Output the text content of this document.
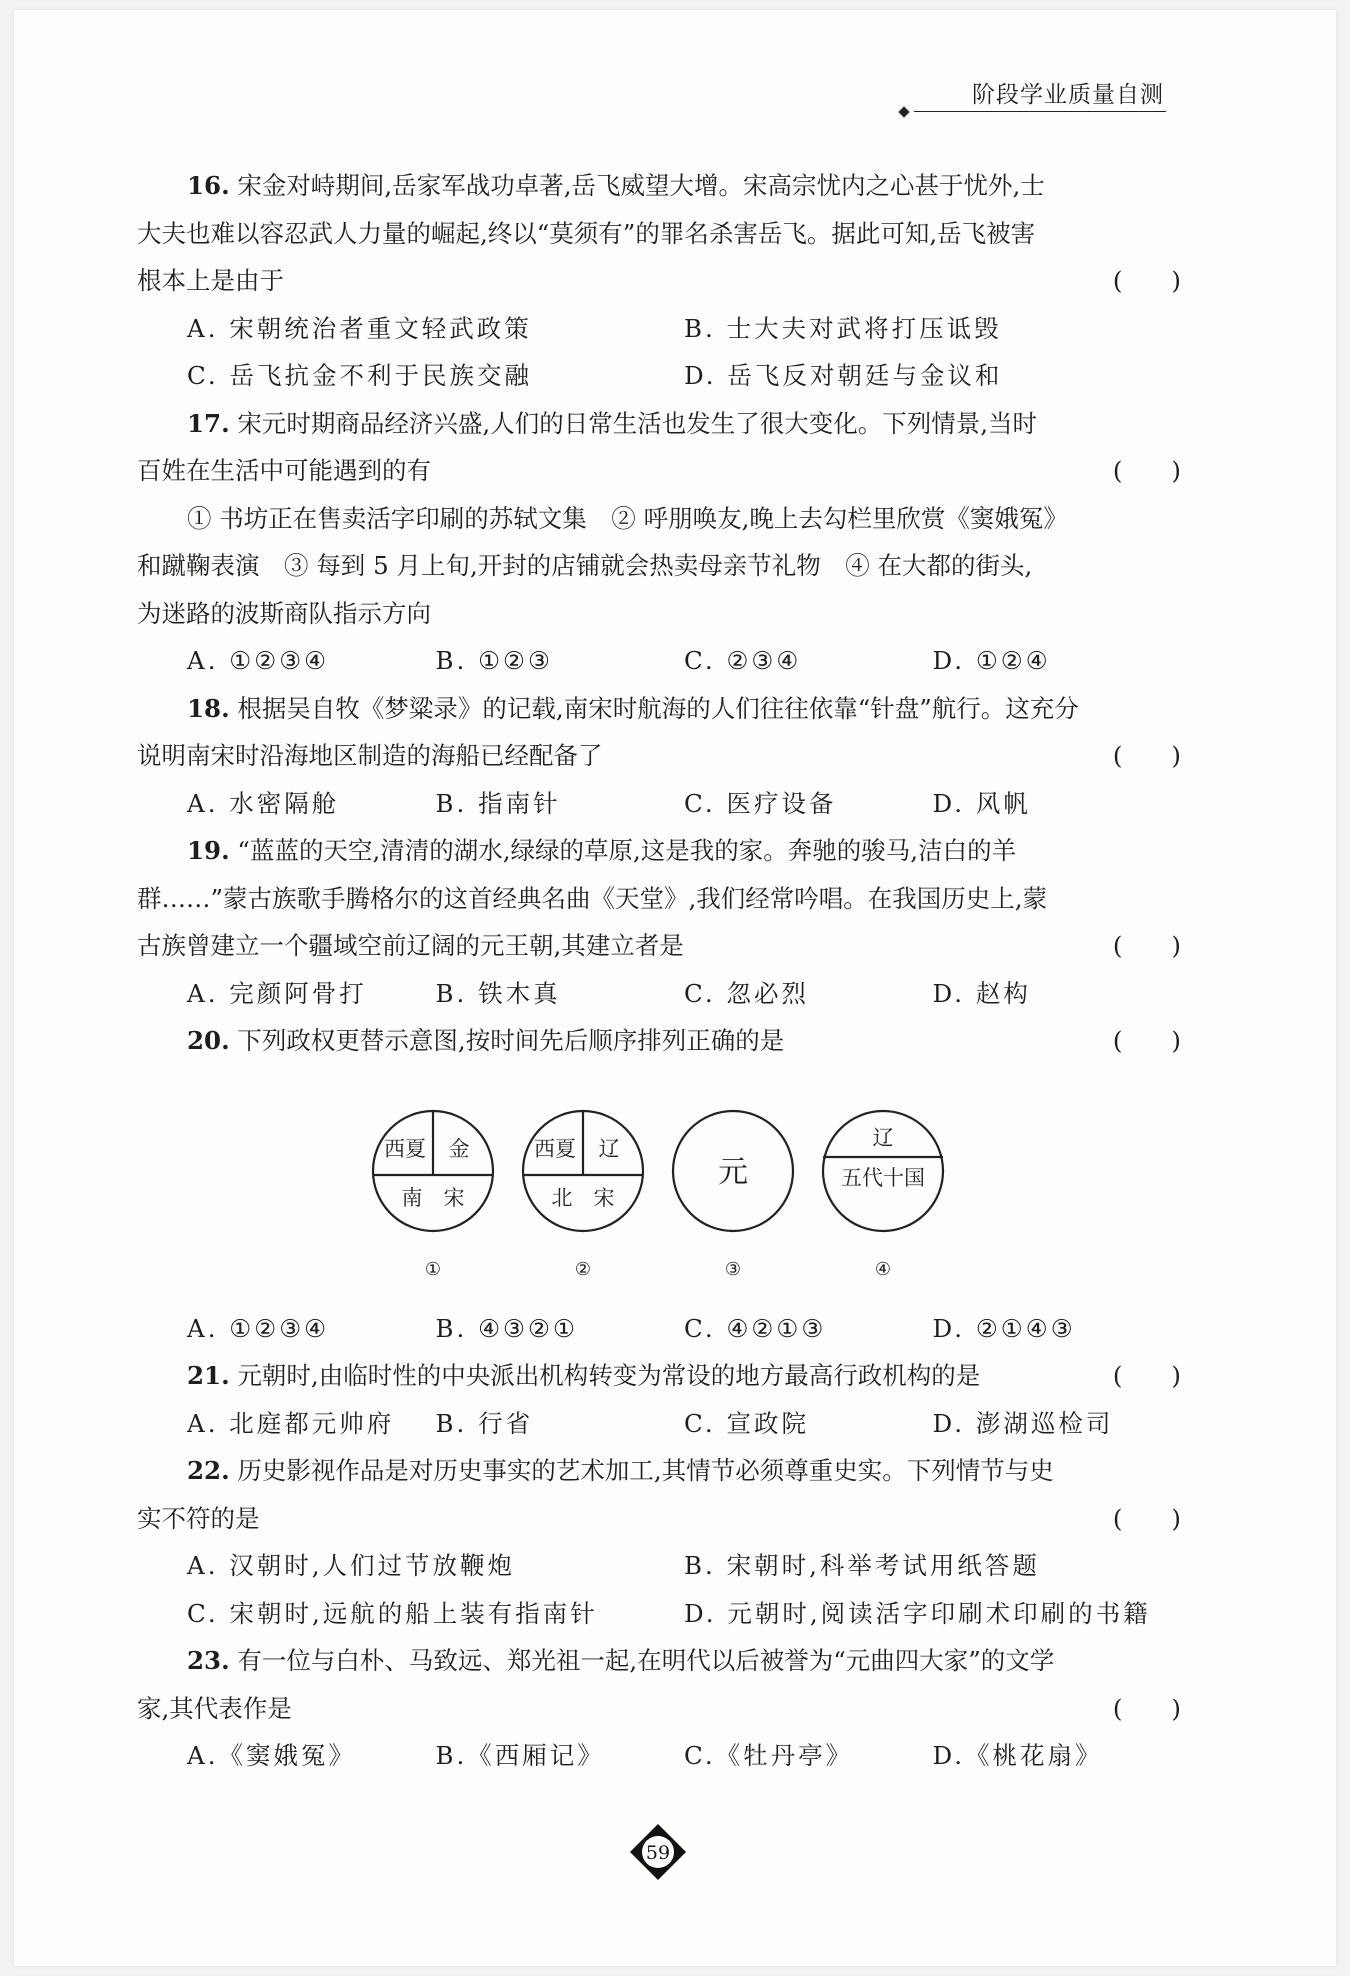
阶段学业质量自测
16. 宋金对峙期间,岳家军战功卓著,岳飞威望大增。宋高宗忧内之心甚于忧外,士
大夫也难以容忍武人力量的崛起,终以“莫须有”的罪名杀害岳飞。据此可知,岳飞被害
根本上是由于	(　　)
A. 宋朝统治者重文轻武政策	B. 士大夫对武将打压诋毁
C. 岳飞抗金不利于民族交融	D. 岳飞反对朝廷与金议和
17. 宋元时期商品经济兴盛,人们的日常生活也发生了很大变化。下列情景,当时
百姓在生活中可能遇到的有	(　　)
① 书坊正在售卖活字印刷的苏轼文集　② 呼朋唤友,晚上去勾栏里欣赏《窦娥冤》
和蹴鞠表演　③ 每到 5 月上旬,开封的店铺就会热卖母亲节礼物　④ 在大都的街头,
为迷路的波斯商队指示方向
A. ①②③④	B. ①②③	C. ②③④	D. ①②④
18. 根据吴自牧《梦粱录》的记载,南宋时航海的人们往往依靠“针盘”航行。这充分
说明南宋时沿海地区制造的海船已经配备了	(　　)
A. 水密隔舱	B. 指南针	C. 医疗设备	D. 风帆
19. “蓝蓝的天空,清清的湖水,绿绿的草原,这是我的家。奔驰的骏马,洁白的羊
群……”蒙古族歌手腾格尔的这首经典名曲《天堂》,我们经常吟唱。在我国历史上,蒙
古族曾建立一个疆域空前辽阔的元王朝,其建立者是	(　　)
A. 完颜阿骨打	B. 铁木真	C. 忽必烈	D. 赵构
20. 下列政权更替示意图,按时间先后顺序排列正确的是	(　　)
西夏 金
南　宋
①
西夏 辽
北　宋
②
元
③
辽
五代十国
④
A. ①②③④	B. ④③②①	C. ④②①③	D. ②①④③
21. 元朝时,由临时性的中央派出机构转变为常设的地方最高行政机构的是	(　　)
A. 北庭都元帅府	B. 行省	C. 宣政院	D. 澎湖巡检司
22. 历史影视作品是对历史事实的艺术加工,其情节必须尊重史实。下列情节与史
实不符的是	(　　)
A. 汉朝时,人们过节放鞭炮	B. 宋朝时,科举考试用纸答题
C. 宋朝时,远航的船上装有指南针	D. 元朝时,阅读活字印刷术印刷的书籍
23. 有一位与白朴、马致远、郑光祖一起,在明代以后被誉为“元曲四大家”的文学
家,其代表作是	(　　)
A.《窦娥冤》	B.《西厢记》	C.《牡丹亭》	D.《桃花扇》
59
